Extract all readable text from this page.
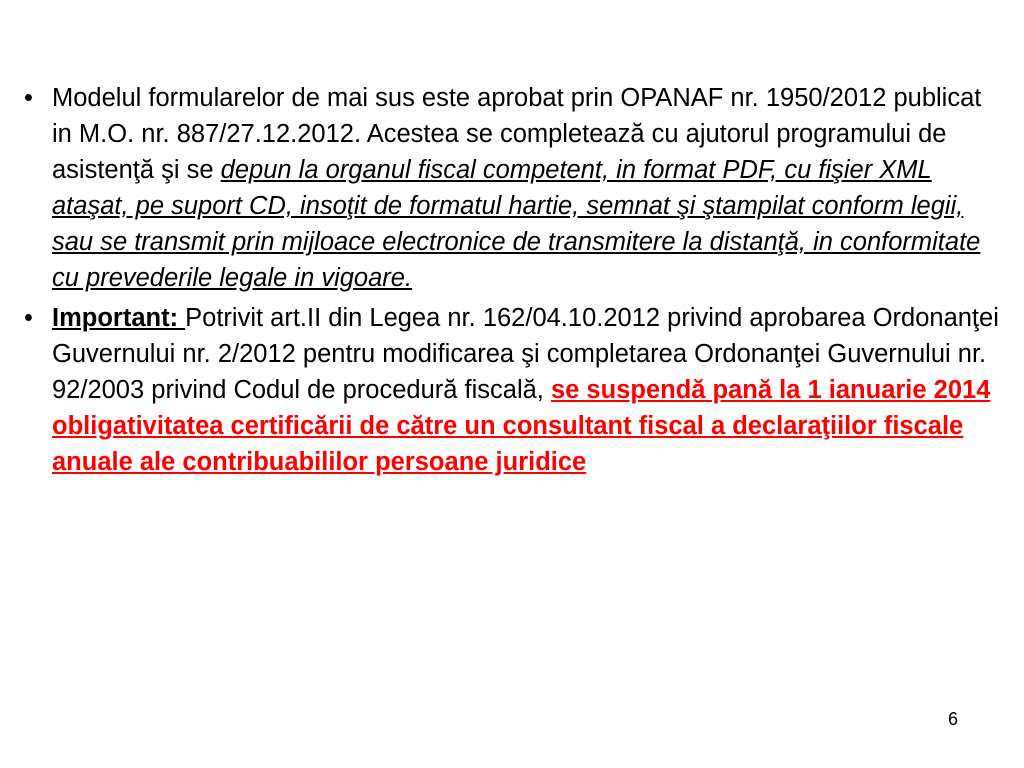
• Modelul formularelor de mai sus este aprobat prin OPANAF nr. 1950/2012 publicat in M.O. nr. 887/27.12.2012. Acestea se completează cu ajutorul programului de asistenţă şi se depun la organul fiscal competent, in format PDF, cu fişier XML ataşat, pe suport CD, insoţit de formatul hartie, semnat şi ştampilat conform legii, sau se transmit prin mijloace electronice de transmitere la distanţă, in conformitate cu prevederile legale in vigoare.
• Important: Potrivit art.II din Legea nr. 162/04.10.2012 privind aprobarea Ordonanţei Guvernului nr. 2/2012 pentru modificarea şi completarea Ordonanţei Guvernului nr. 92/2003 privind Codul de procedură fiscală, se suspendă pană la 1 ianuarie 2014 obligativitatea certificării de către un consultant fiscal a declaraţiilor fiscale anuale ale contribuabililor persoane juridice
6
